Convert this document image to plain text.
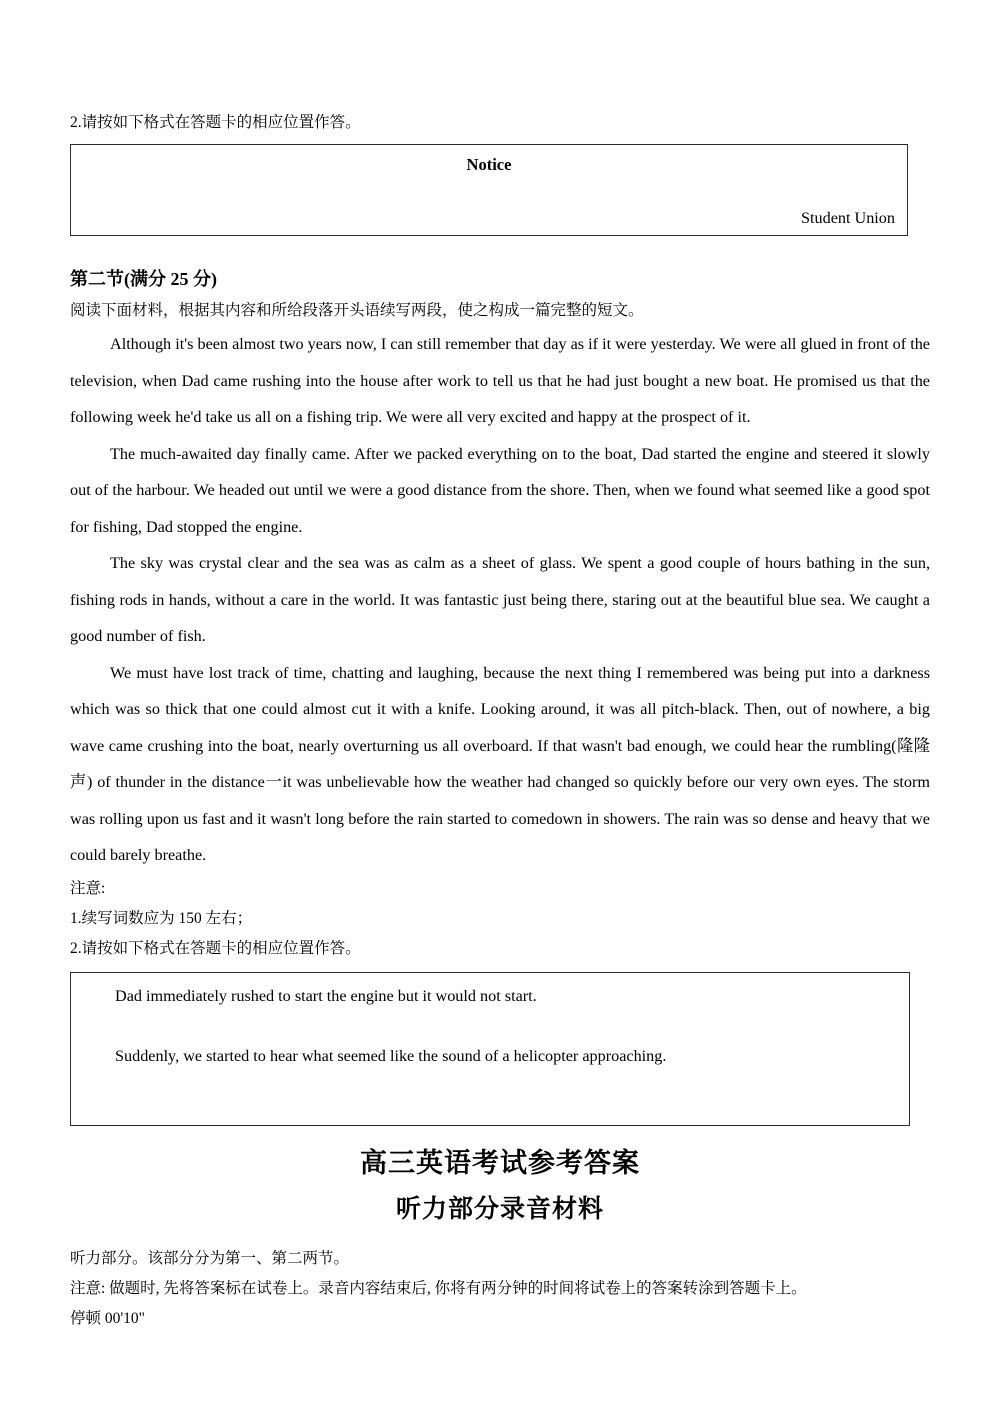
2.请按如下格式在答题卡的相应位置作答。
Notice
Student Union
第二节(满分 25 分)
阅读下面材料，根据其内容和所给段落开头语续写两段，使之构成一篇完整的短文。

Although it's been almost two years now, I can still remember that day as if it were yesterday. We were all glued in front of the television, when Dad came rushing into the house after work to tell us that he had just bought a new boat. He promised us that the following week he'd take us all on a fishing trip. We were all very excited and happy at the prospect of it.

The much-awaited day finally came. After we packed everything on to the boat, Dad started the engine and steered it slowly out of the harbour. We headed out until we were a good distance from the shore. Then, when we found what seemed like a good spot for fishing, Dad stopped the engine.

The sky was crystal clear and the sea was as calm as a sheet of glass. We spent a good couple of hours bathing in the sun, fishing rods in hands, without a care in the world. It was fantastic just being there, staring out at the beautiful blue sea. We caught a good number of fish.

We must have lost track of time, chatting and laughing, because the next thing I remembered was being put into a darkness which was so thick that one could almost cut it with a knife. Looking around, it was all pitch-black. Then, out of nowhere, a big wave came crushing into the boat, nearly overturning us all overboard. If that wasn't bad enough, we could hear the rumbling(隆隆声) of thunder in the distance一it was unbelievable how the weather had changed so quickly before our very own eyes. The storm was rolling upon us fast and it wasn't long before the rain started to comedown in showers. The rain was so dense and heavy that we could barely breathe.

注意:
1.续写词数应为 150 左右；
2.请按如下格式在答题卡的相应位置作答。
Dad immediately rushed to start the engine but it would not start.
Suddenly, we started to hear what seemed like the sound of a helicopter approaching.
高三英语考试参考答案
听力部分录音材料
听力部分。该部分分为第一、第二两节。
注意: 做题时, 先将答案标在试卷上。录音内容结束后, 你将有两分钟的时间将试卷上的答案转涂到答题卡上。
停顿 00'10"
